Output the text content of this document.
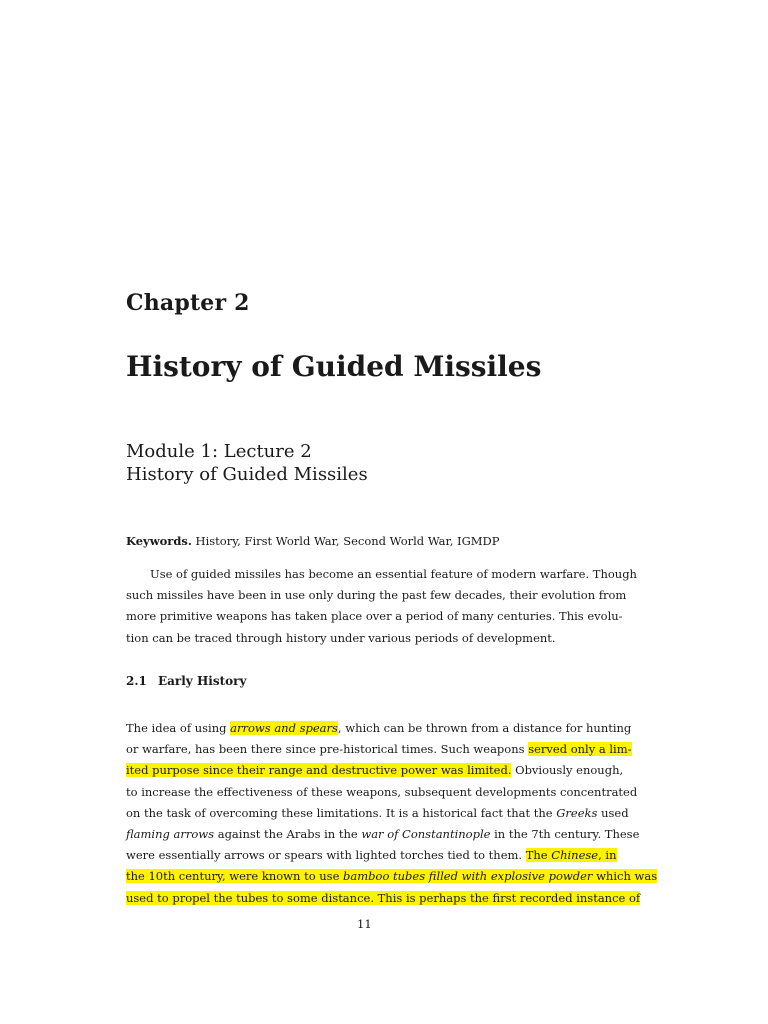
Chapter 2
History of Guided Missiles
Module 1: Lecture 2
History of Guided Missiles
Keywords. History, First World War, Second World War, IGMDP
Use of guided missiles has become an essential feature of modern warfare. Though
such missiles have been in use only during the past few decades, their evolution from
more primitive weapons has taken place over a period of many centuries. This evolu-
tion can be traced through history under various periods of development.
2.1 Early History
The idea of using arrows and spears, which can be thrown from a distance for hunting
or warfare, has been there since pre-historical times. Such weapons served only a lim-
ited purpose since their range and destructive power was limited. Obviously enough,
to increase the effectiveness of these weapons, subsequent developments concentrated
on the task of overcoming these limitations. It is a historical fact that the Greeks used
flaming arrows against the Arabs in the war of Constantinople in the 7th century. These
were essentially arrows or spears with lighted torches tied to them. The Chinese, in
the 10th century, were known to use bamboo tubes filled with explosive powder which was
used to propel the tubes to some distance. This is perhaps the first recorded instance of
11
